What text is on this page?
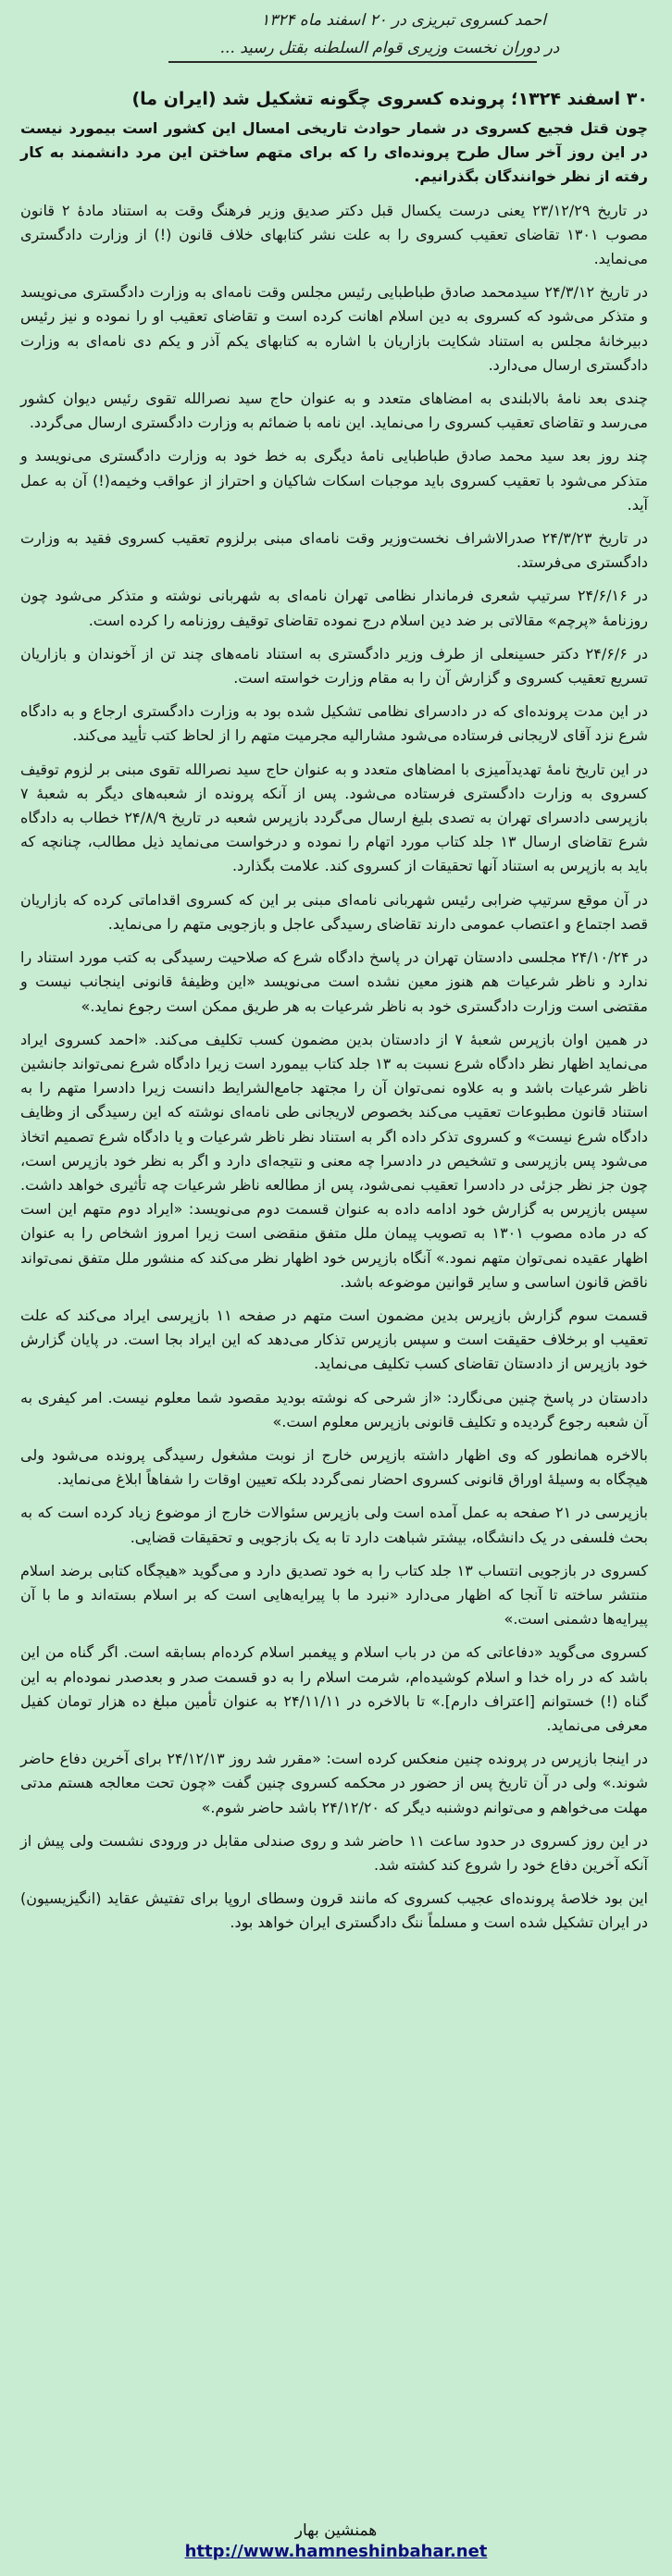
احمد کسروی تبریزی در ۲۰ اسفند ماه ۱۳۲۴
در دوران نخست وزیری قوام السلطنه بقتل رسید ...
۳۰ اسفند ۱۳۲۴؛ پرونده کسروی چگونه تشکیل شد (ایران ما)
چون قتل فجیع کسروی در شمار حوادث تاریخی امسال این کشور است بیمورد نیست در این روز آخر سال طرح پرونده‌ای را که برای متهم ساختن این مرد دانشمند به کار رفته از نظر خوانندگان بگذرانیم.
در تاریخ ۲۳/۱۲/۲۹ یعنی درست یکسال قبل دکتر صدیق وزیر فرهنگ وقت به استناد مادهٔ ۲ قانون مصوب ۱۳۰۱ تقاضای تعقیب کسروی را به علت نشر کتابهای خلاف قانون (!) از وزارت دادگستری می‌نماید.
در تاریخ ۲۴/۳/۱۲ سیدمحمد صادق طباطبایی رئیس مجلس وقت نامه‌ای به وزارت دادگستری می‌نویسد و متذکر می‌شود که کسروی به دین اسلام اهانت کرده است و تقاضای تعقیب او را نموده و نیز رئیس دبیرخانهٔ مجلس به استناد شکایت بازاریان با اشاره به کتابهای یکم آذر و یکم دی نامه‌ای به وزارت دادگستری ارسال می‌دارد.
چندی بعد نامهٔ بالابلندی به امضاهای متعدد و به عنوان حاج سید نصرالله تقوی رئیس دیوان کشور می‌رسد و تقاضای تعقیب کسروی را می‌نماید. این نامه با ضمائم به وزارت دادگستری ارسال می‌گردد.
چند روز بعد سید محمد صادق طباطبایی نامهٔ دیگری به خط خود به وزارت دادگستری می‌نویسد و متذکر می‌شود با تعقیب کسروی باید موجبات اسکات شاکیان و احتراز از عواقب وخیمه(!) آن به عمل آید.
در تاریخ ۲۴/۳/۲۳ صدرالاشراف نخست‌وزیر وقت نامه‌ای مبنی برلزوم تعقیب کسروی فقید به وزارت دادگستری می‌فرستد.
در ۲۴/۶/۱۶ سرتیپ شعری فرماندار نظامی تهران نامه‌ای به شهربانی نوشته و متذکر می‌شود چون روزنامهٔ «پرچم» مقالاتی بر ضد دین اسلام درج نموده تقاضای توقیف روزنامه را کرده است.
در ۲۴/۶/۶ دکتر حسینعلی از طرف وزیر دادگستری به استناد نامه‌های چند تن از آخوندان و بازاریان تسریع تعقیب کسروی و گزارش آن را به مقام وزارت خواسته است.
در این مدت پرونده‌ای که در دادسرای نظامی تشکیل شده بود به وزارت دادگستری ارجاع و به دادگاه شرع نزد آقای لاریجانی فرستاده می‌شود مشارالیه مجرمیت متهم را از لحاظ کتب تأیید می‌کند.
در این تاریخ نامهٔ تهدیدآمیزی با امضاهای متعدد و به عنوان حاج سید نصرالله تقوی مبنی بر لزوم توقیف کسروی به وزارت دادگستری فرستاده می‌شود. پس از آنکه پرونده از شعبه‌های دیگر به شعبهٔ ۷ بازپرسی دادسرای تهران به تصدی بلیغ ارسال می‌گردد بازپرس شعبه در تاریخ ۲۴/۸/۹ خطاب به دادگاه شرع تقاضای ارسال ۱۳ جلد کتاب مورد اتهام را نموده و درخواست می‌نماید ذیل مطالب، چنانچه که باید به بازپرس به استناد آنها تحقیقات از کسروی کند. علامت بگذارد.
در آن موقع سرتیپ ضرابی رئیس شهربانی نامه‌ای مبنی بر این که کسروی اقداماتی کرده که بازاریان قصد اجتماع و اعتصاب عمومی دارند تقاضای رسیدگی عاجل و بازجویی متهم را می‌نماید.
در ۲۴/۱۰/۲۴ مجلسی دادستان تهران در پاسخ دادگاه شرع که صلاحیت رسیدگی به کتب مورد استناد را ندارد و ناظر شرعیات هم هنوز معین نشده است می‌نویسد «این وظیفهٔ قانونی اینجانب نیست و مقتضی است وزارت دادگستری خود به ناظر شرعیات به هر طریق ممکن است رجوع نماید.»
در همین اوان بازپرس شعبهٔ ۷ از دادستان بدین مضمون کسب تکلیف می‌کند. «احمد کسروی ایراد می‌نماید اظهار نظر دادگاه شرع نسبت به ۱۳ جلد کتاب بیمورد است زیرا دادگاه شرع نمی‌تواند جانشین ناظر شرعیات باشد و به علاوه نمی‌توان آن را مجتهد جامع‌الشرایط دانست زیرا دادسرا متهم را به استناد قانون مطبوعات تعقیب می‌کند بخصوص لاریجانی طی نامه‌ای نوشته که این رسیدگی از وظایف دادگاه شرع نیست» و کسروی تذکر داده اگر به استناد نظر ناظر شرعیات و یا دادگاه شرع تصمیم اتخاذ می‌شود پس بازپرسی و تشخیص در دادسرا چه معنی و نتیجه‌ای دارد و اگر به نظر خود بازپرس است، چون جز نظر جزئی در دادسرا تعقیب نمی‌شود، پس از مطالعه ناظر شرعیات چه تأثیری خواهد داشت. سپس بازپرس به گزارش خود ادامه داده به عنوان قسمت دوم می‌نویسد: «ایراد دوم متهم این است که در ماده مصوب ۱۳۰۱ به تصویب پیمان ملل متفق منقضی است زیرا امروز اشخاص را به عنوان اظهار عقیده نمی‌توان متهم نمود.» آنگاه بازپرس خود اظهار نظر می‌کند که منشور ملل متفق نمی‌تواند ناقض قانون اساسی و سایر قوانین موضوعه باشد.
قسمت سوم گزارش بازپرس بدین مضمون است متهم در صفحه ۱۱ بازپرسی ایراد می‌کند که علت تعقیب او برخلاف حقیقت است و سپس بازپرس تذکار می‌دهد که این ایراد بجا است. در پایان گزارش خود بازپرس از دادستان تقاضای کسب تکلیف می‌نماید.
دادستان در پاسخ چنین می‌نگارد: «از شرحی که نوشته بودید مقصود شما معلوم نیست. امر کیفری به آن شعبه رجوع گردیده و تکلیف قانونی بازپرس معلوم است.»
بالاخره همانطور که وی اظهار داشته بازپرس خارج از نوبت مشغول رسیدگی پرونده می‌شود ولی هیچگاه به وسیلهٔ اوراق قانونی کسروی احضار نمی‌گردد بلکه تعیین اوقات را شفاهاً ابلاغ می‌نماید.
بازپرسی در ۲۱ صفحه به عمل آمده است ولی بازپرس سئوالات خارج از موضوع زیاد کرده است که به بحث فلسفی در یک دانشگاه، بیشتر شباهت دارد تا به یک بازجویی و تحقیقات قضایی.
کسروی در بازجویی انتساب ۱۳ جلد کتاب را به خود تصدیق دارد و می‌گوید «هیچگاه کتابی برضد اسلام منتشر ساخته تا آنجا که اظهار می‌دارد «نبرد ما با پیرایه‌هایی است که بر اسلام بسته‌اند و ما با آن پیرایه‌ها دشمنی است.»
کسروی می‌گوید «دفاعاتی که من در باب اسلام و پیغمبر اسلام کرده‌ام بسابقه است. اگر گناه من این باشد که در راه خدا و اسلام کوشیده‌ام، شرمت اسلام را به دو قسمت صدر و بعدصدر نموده‌ام به این گناه (!) خستوانم [اعتراف دارم].» تا بالاخره در ۲۴/۱۱/۱۱ به عنوان تأمین مبلغ ده هزار تومان کفیل معرفی می‌نماید.
در اینجا بازپرس در پرونده چنین منعکس کرده است: «مقرر شد روز ۲۴/۱۲/۱۳ برای آخرین دفاع حاضر شوند.» ولی در آن تاریخ پس از حضور در محکمه کسروی چنین گفت «چون تحت معالجه هستم مدتی مهلت می‌خواهم و می‌توانم دوشنبه دیگر که ۲۴/۱۲/۲۰ باشد حاضر شوم.»
در این روز کسروی در حدود ساعت ۱۱ حاضر شد و روی صندلی مقابل در ورودی نشست ولی پیش از آنکه آخرین دفاع خود را شروع کند کشته شد.
این بود خلاصهٔ پرونده‌ای عجیب کسروی که مانند قرون وسطای اروپا برای تفتیش عقاید (انگیزیسیون) در ایران تشکیل شده است و مسلماً ننگ دادگستری ایران خواهد بود.
همنشین بهار
http://www.hamneshinbahar.net
